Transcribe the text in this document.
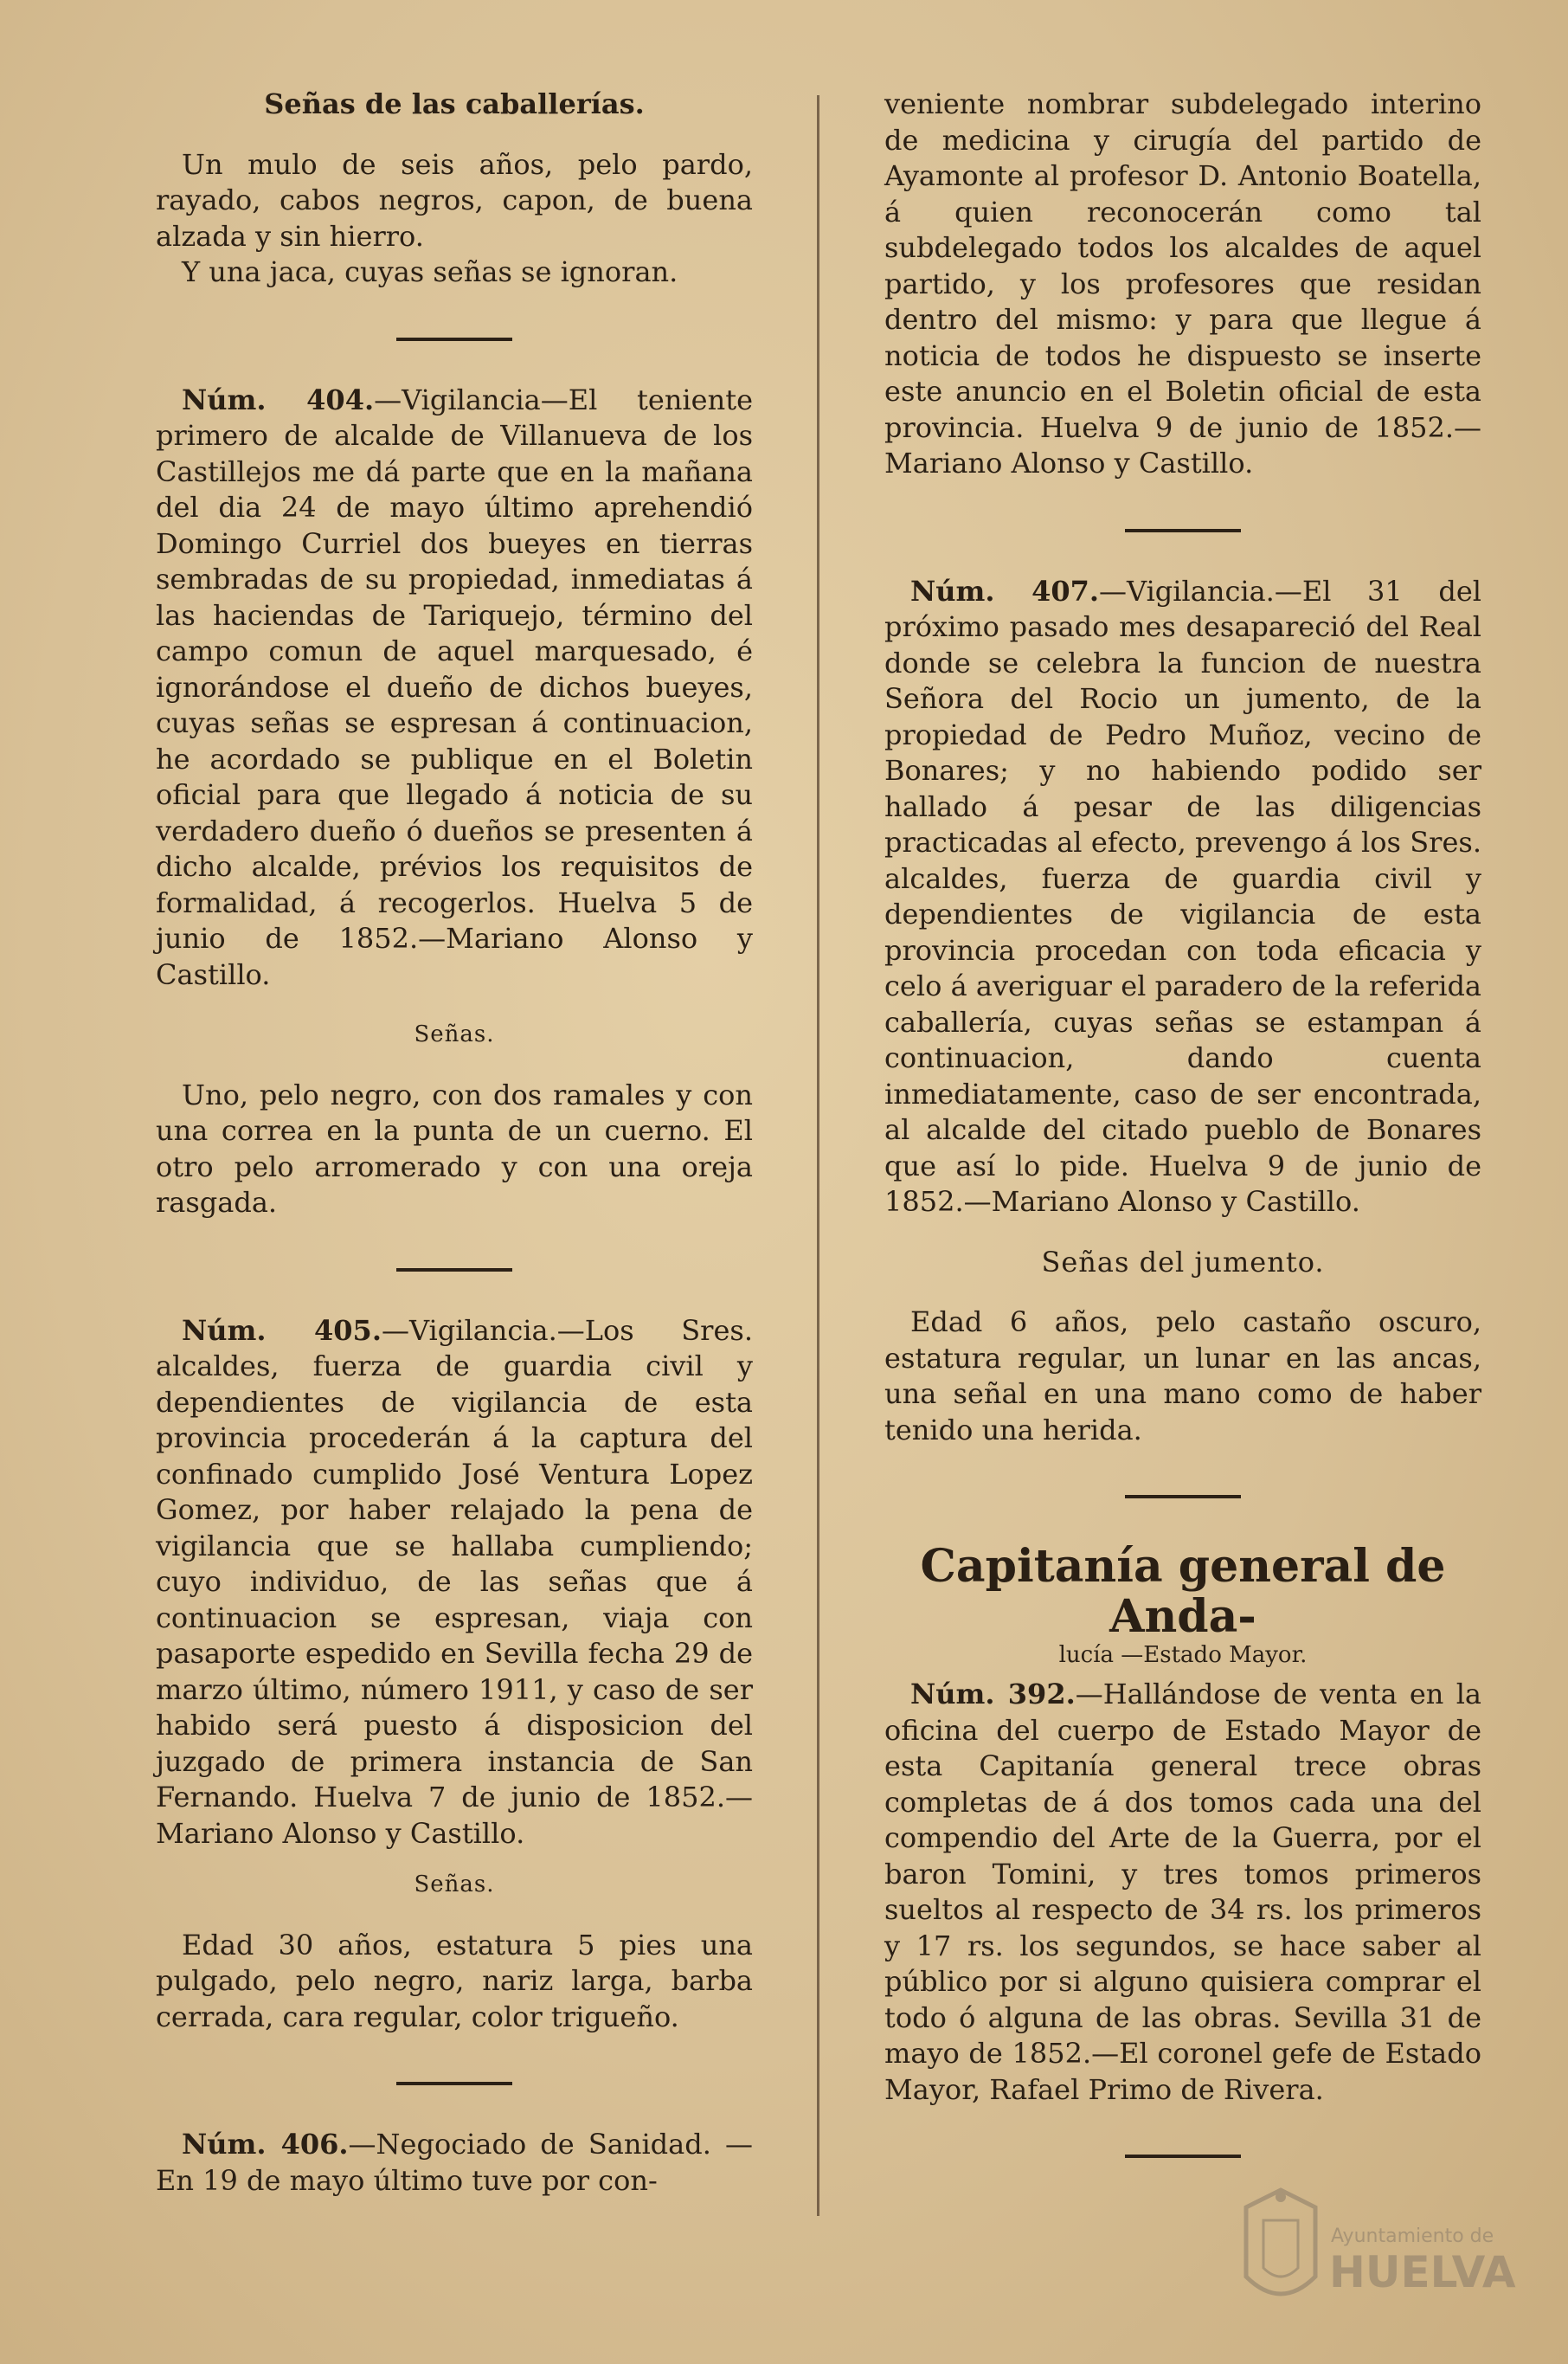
Señas de las caballerías.

Un mulo de seis años, pelo pardo, rayado, cabos negros, capon, de buena alzada y sin hierro.

Y una jaca, cuyas señas se ignoran.

Núm. 404.—Vigilancia—El teniente primero de alcalde de Villanueva de los Castillejos me dá parte que en la mañana del dia 24 de mayo último aprehendió Domingo Curriel dos bueyes en tierras sembradas de su propiedad, inmediatas á las haciendas de Tariquejo, término del campo comun de aquel marquesado, é ignorándose el dueño de dichos bueyes, cuyas señas se espresan á continuacion, he acordado se publique en el Boletin oficial para que llegado á noticia de su verdadero dueño ó dueños se presenten á dicho alcalde, prévios los requisitos de formalidad, á recogerlos. Huelva 5 de junio de 1852.—Mariano Alonso y Castillo.

Señas.

Uno, pelo negro, con dos ramales y con una correa en la punta de un cuerno. El otro pelo arromerado y con una oreja rasgada.

Núm. 405.—Vigilancia.—Los Sres. alcaldes, fuerza de guardia civil y dependientes de vigilancia de esta provincia procederán á la captura del confinado cumplido José Ventura Lopez Gomez, por haber relajado la pena de vigilancia que se hallaba cumpliendo; cuyo individuo, de las señas que á continuacion se espresan, viaja con pasaporte espedido en Sevilla fecha 29 de marzo último, número 1911, y caso de ser habido será puesto á disposicion del juzgado de primera instancia de San Fernando. Huelva 7 de junio de 1852.—Mariano Alonso y Castillo.

Señas.

Edad 30 años, estatura 5 pies una pulgado, pelo negro, nariz larga, barba cerrada, cara regular, color trigueño.

Núm. 406.—Negociado de Sanidad. —En 19 de mayo último tuve por con-

veniente nombrar subdelegado interino de medicina y cirugía del partido de Ayamonte al profesor D. Antonio Boatella, á quien reconocerán como tal subdelegado todos los alcaldes de aquel partido, y los profesores que residan dentro del mismo: y para que llegue á noticia de todos he dispuesto se inserte este anuncio en el Boletin oficial de esta provincia. Huelva 9 de junio de 1852.—Mariano Alonso y Castillo.

Núm. 407.—Vigilancia.—El 31 del próximo pasado mes desapareció del Real donde se celebra la funcion de nuestra Señora del Rocio un jumento, de la propiedad de Pedro Muñoz, vecino de Bonares; y no habiendo podido ser hallado á pesar de las diligencias practicadas al efecto, prevengo á los Sres. alcaldes, fuerza de guardia civil y dependientes de vigilancia de esta provincia procedan con toda eficacia y celo á averiguar el paradero de la referida caballería, cuyas señas se estampan á continuacion, dando cuenta inmediatamente, caso de ser encontrada, al alcalde del citado pueblo de Bonares que así lo pide. Huelva 9 de junio de 1852.—Mariano Alonso y Castillo.

Señas del jumento.

Edad 6 años, pelo castaño oscuro, estatura regular, un lunar en las ancas, una señal en una mano como de haber tenido una herida.

Capitanía general de Anda-

lucía —Estado Mayor.

Núm. 392.—Hallándose de venta en la oficina del cuerpo de Estado Mayor de esta Capitanía general trece obras completas de á dos tomos cada una del compendio del Arte de la Guerra, por el baron Tomini, y tres tomos primeros sueltos al respecto de 34 rs. los primeros y 17 rs. los segundos, se hace saber al público por si alguno quisiera comprar el todo ó alguna de las obras. Sevilla 31 de mayo de 1852.—El coronel gefe de Estado Mayor, Rafael Primo de Rivera.

Ayuntamiento de
HUELVA
